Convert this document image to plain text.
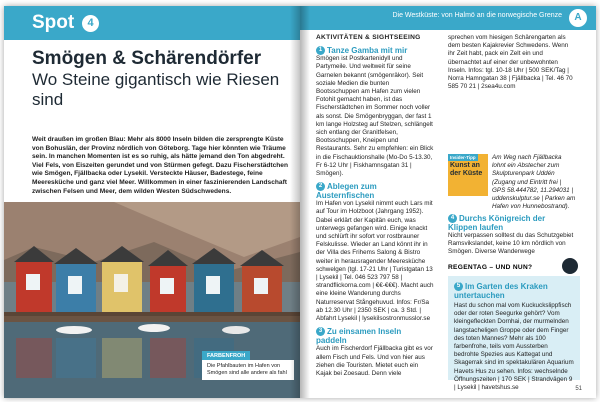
Spot	4
Smögen & Schärendörfer
Wo Steine gigantisch wie Riesen sind
Weit draußen im großen Blau: Mehr als 8000 Inseln bilden die zersprengte Küste von Bohuslän, der Provinz nördlich von Göteborg. Tage hier könnten wie Träume sein. In manchen Momenten ist es so ruhig, als hätte jemand den Ton abgedreht. Viel Fels, von Eiszeiten gerundet und von Stürmen gefegt. Dazu Fischerstädtchen wie Smögen, Fjällbacka oder Lysekil. Versteckte Häuser, Badestege, feine Meeresküche und ganz viel Meer. Willkommen in einer faszinierenden Landschaft zwischen Felsen und Meer, dem wilden Westen Südschwedens.
FARBENFROH
Die Pfahlbauten im Hafen von Smögen sind alle andere als fahl
Die Westküste: von Halmö an die norwegische Grenze	A
AKTIVITÄTEN & SIGHTSEEING
1 Tanze Gamba mit mir
Smögen ist Postkartenidyll und Partymeile. Und weltweit für seine Garnelen bekannt (smögenräkor). Seit soziale Medien die bunten Bootsschuppen am Hafen zum vielen Fotohit gemacht haben, ist das Fischerstädtchen im Sommer noch voller als sonst. Die Smögenbryggan, der fast 1 km lange Holzsteg auf Stelzen, schlängelt sich entlang der Granitfelsen, Bootsschuppen, Kneipen und Restaurants. Sehr zu empfehlen: ein Blick in die Fischauktionshalle (Mo-Do 5-13.30, Fr 6-12 Uhr | Fiskhamnsgatan 31 | Smögen).
2 Ablegen zum Austernfischen
Im Hafen von Lysekil nimmt euch Lars mit auf Tour im Holzboot (Jahrgang 1952). Dabei erklärt der Kapitän euch, was unterwegs gefangen wird. Einige knackt und schlürft ihr sofort vor rostbrauner Felskulisse. Wieder an Land könnt ihr in der Villa des Frihems Salong & Bistro weiter in herausragender Meeresküche schwelgen (tgl. 17-21 Uhr | Turistgatan 13 | Lysekil | Tel. 046 523 797 58 | strandflickorna.com | €€-€€€). Macht auch eine kleine Wanderung durchs Naturreservat Stångehuvud. Infos: Fr/Sa ab 12.30 Uhr | 2350 SEK | ca. 3 Std. | Abfahrt Lysekil | lysekilsostronmusslor.se
3 Zu einsamen Inseln paddeln
Auch im Fischerdorf Fjällbacka gibt es vor allem Fisch und Fels. Und von hier aus ziehen die Touristen. Mietet euch ein Kajak bei Zoesaud. Denn viele
sprechen vom hiesigen Schärengarten als dem besten Kajakrevier Schwedens. Wenn ihr Zeit habt, pack ein Zelt ein und übernachtet auf einer der unbewohnten Inseln. Infos: tgl. 10-18 Uhr | 500 SEK/Tag | Norra Hamngatan 38 | Fjällbacka | Tel. 46 70 585 70 21 | 2sea4u.com
Insider-Tipp
Kunst an der Küste
Am Weg nach Fjällbacka lohnt ein Abstecher zum Skulpturenpark Uddén (Zugang und Eintritt frei | GPS 58.444782, 11.294031 | uddenskulptur.se | Parken am Hafen von Hunnebostrand).
4 Durchs Königreich der Klippen laufen
Nicht verpassen solltest du das Schutzgebiet Ramsvikslandet, keine 10 km nördlich von Smögen. Diverse Wanderwege
REGENTAG – UND NUN?
5 Im Garten des Kraken untertauchen
Hast du schon mal vom Kuckuckslippfisch oder der roten Seegurke gehört? Vom kleingefleckten Dornhai, der murmelnden langstacheligen Groppe oder dem Finger des toten Mannes? Mehr als 100 farbenfrohe, teils vom Aussterben bedrohte Spezies aus Kattegat und Skagerrak sind im spektakulären Aquarium Havets Hus zu sehen. Infos: wechselnde Öffnungszeiten | 170 SEK | Strandvägen 9 | Lysekil | havetshus.se	51
